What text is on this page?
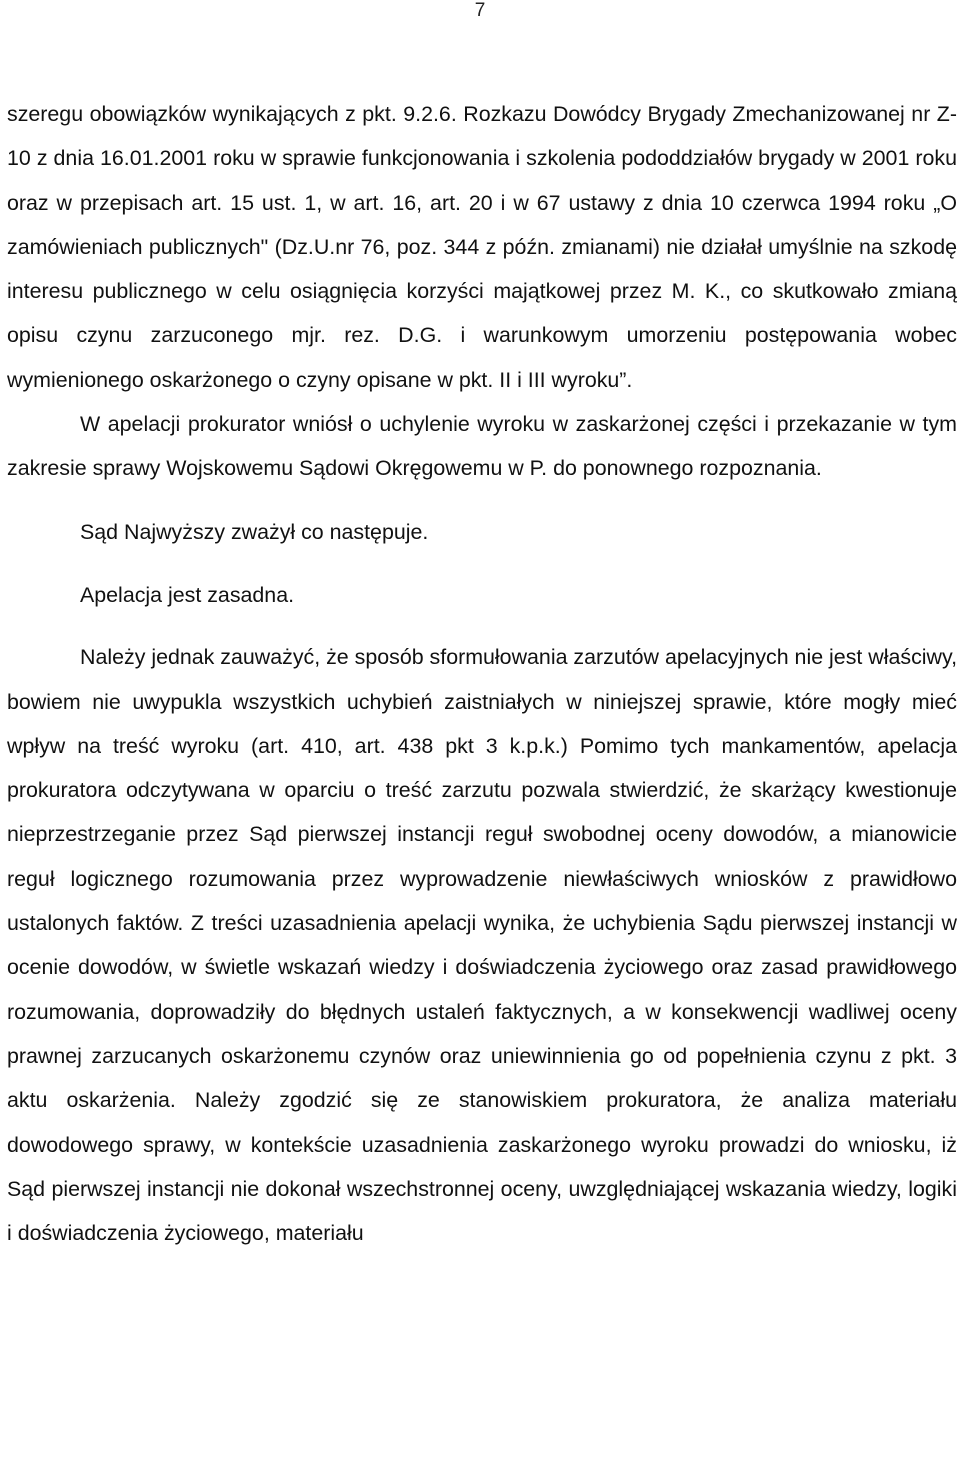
7

szeregu obowiązków wynikających z pkt. 9.2.6. Rozkazu Dowódcy Brygady Zmechanizowanej nr Z-10 z dnia 16.01.2001 roku w sprawie funkcjonowania i szkolenia pododdziałów brygady w 2001 roku oraz w przepisach art. 15 ust. 1, w art. 16, art. 20 i w 67 ustawy z dnia 10 czerwca 1994 roku „O zamówieniach publicznych" (Dz.U.nr 76, poz. 344 z późn. zmianami) nie działał umyślnie na szkodę interesu publicznego w celu osiągnięcia korzyści majątkowej przez M. K., co skutkowało zmianą opisu czynu zarzuconego mjr. rez. D.G. i warunkowym umorzeniu postępowania wobec wymienionego oskarżonego o czyny opisane w pkt. II i III wyroku”.

W apelacji prokurator wniósł o uchylenie wyroku w zaskarżonej części i przekazanie w tym zakresie sprawy Wojskowemu Sądowi Okręgowemu w P. do ponownego rozpoznania.

Sąd Najwyższy zważył co następuje.

Apelacja jest zasadna.

Należy jednak zauważyć, że sposób sformułowania zarzutów apelacyjnych nie jest właściwy, bowiem nie uwypukla wszystkich uchybień zaistniałych w niniejszej sprawie, które mogły mieć wpływ na treść wyroku (art. 410, art. 438 pkt 3 k.p.k.) Pomimo tych mankamentów, apelacja prokuratora odczytywana w oparciu o treść zarzutu pozwala stwierdzić, że skarżący kwestionuje nieprzestrzeganie przez Sąd pierwszej instancji reguł swobodnej oceny dowodów, a mianowicie reguł logicznego rozumowania przez wyprowadzenie niewłaściwych wniosków z prawidłowo ustalonych faktów. Z treści uzasadnienia apelacji wynika, że uchybienia Sądu pierwszej instancji w ocenie dowodów, w świetle wskazań wiedzy i doświadczenia życiowego oraz zasad prawidłowego rozumowania, doprowadziły do błędnych ustaleń faktycznych, a w konsekwencji wadliwej oceny prawnej zarzucanych oskarżonemu czynów oraz uniewinnienia go od popełnienia czynu z pkt. 3 aktu oskarżenia. Należy zgodzić się ze stanowiskiem prokuratora, że analiza materiału dowodowego sprawy, w kontekście uzasadnienia zaskarżonego wyroku prowadzi do wniosku, iż Sąd pierwszej instancji nie dokonał wszechstronnej oceny, uwzględniającej wskazania wiedzy, logiki i doświadczenia życiowego, materiału
